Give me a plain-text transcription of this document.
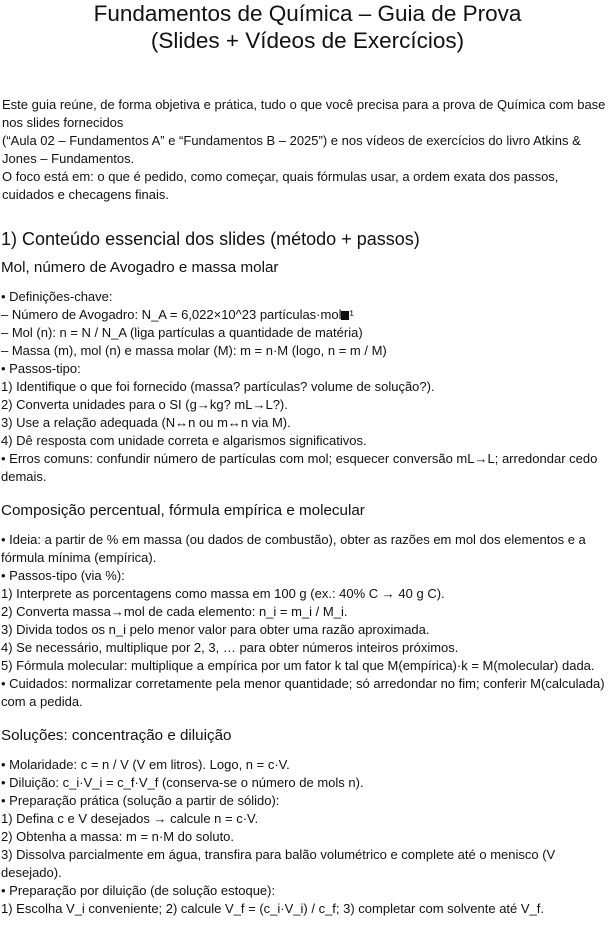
Fundamentos de Química – Guia de Prova
(Slides + Vídeos de Exercícios)

Este guia reúne, de forma objetiva e prática, tudo o que você precisa para a prova de Química com base nos slides fornecidos

(“Aula 02 – Fundamentos A” e “Fundamentos B – 2025”) e nos vídeos de exercícios do livro Atkins & Jones – Fundamentos.

O foco está em: o que é pedido, como começar, quais fórmulas usar, a ordem exata dos passos, cuidados e checagens finais.

1) Conteúdo essencial dos slides (método + passos)
Mol, número de Avogadro e massa molar

• Definições-chave:

– Número de Avogadro: N_A = 6,022×10^23 partículas·mol ¹

– Mol (n): n = N / N_A (liga partículas a quantidade de matéria)

– Massa (m), mol (n) e massa molar (M): m = n·M (logo, n = m / M)

• Passos-tipo:

1) Identifique o que foi fornecido (massa? partículas? volume de solução?).

2) Converta unidades para o SI (g→kg? mL→L?).

3) Use a relação adequada (N↔n ou m↔n via M).

4) Dê resposta com unidade correta e algarismos significativos.

• Erros comuns: confundir número de partículas com mol; esquecer conversão mL→L; arredondar cedo demais.

Composição percentual, fórmula empírica e molecular

• Ideia: a partir de % em massa (ou dados de combustão), obter as razões em mol dos elementos e a fórmula mínima (empírica).

• Passos-tipo (via %):

1) Interprete as porcentagens como massa em 100 g (ex.: 40% C → 40 g C).

2) Converta massa→mol de cada elemento: n_i = m_i / M_i.

3) Divida todos os n_i pelo menor valor para obter uma razão aproximada.

4) Se necessário, multiplique por 2, 3, … para obter números inteiros próximos.

5) Fórmula molecular: multiplique a empírica por um fator k tal que M(empírica)·k = M(molecular) dada.

• Cuidados: normalizar corretamente pela menor quantidade; só arredondar no fim; conferir M(calculada) com a pedida.

Soluções: concentração e diluição

• Molaridade: c = n / V (V em litros). Logo, n = c·V.

• Diluição: c_i·V_i = c_f·V_f (conserva-se o número de mols n).

• Preparação prática (solução a partir de sólido):

1) Defina c e V desejados → calcule n = c·V.

2) Obtenha a massa: m = n·M do soluto.

3) Dissolva parcialmente em água, transfira para balão volumétrico e complete até o menisco (V desejado).

• Preparação por diluição (de solução estoque):

1) Escolha V_i conveniente; 2) calcule V_f = (c_i·V_i) / c_f; 3) completar com solvente até V_f.
